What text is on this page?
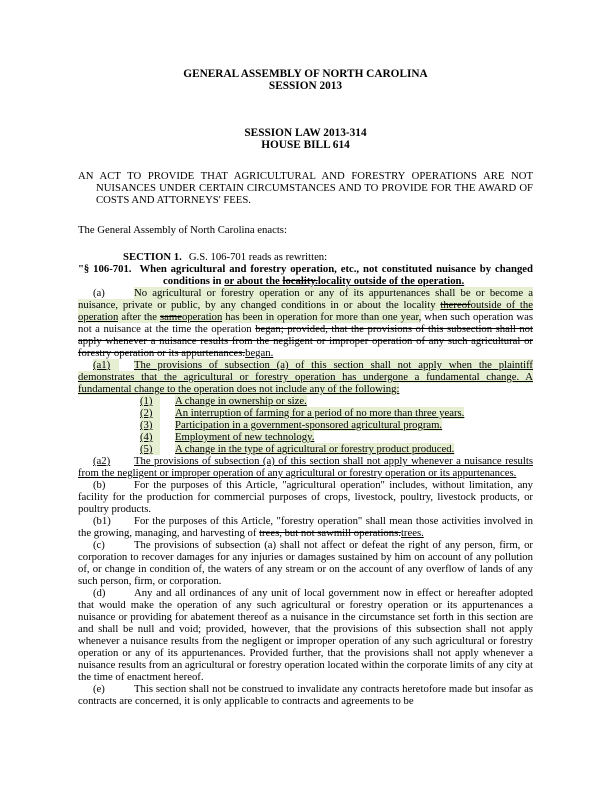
GENERAL ASSEMBLY OF NORTH CAROLINA

SESSION 2013

SESSION LAW 2013-314

HOUSE BILL 614

AN ACT TO PROVIDE THAT AGRICULTURAL AND FORESTRY OPERATIONS ARE NOT NUISANCES UNDER CERTAIN CIRCUMSTANCES AND TO PROVIDE FOR THE AWARD OF COSTS AND ATTORNEYS' FEES.

The General Assembly of North Carolina enacts:

SECTION 1. G.S. 106-701 reads as rewritten:

"§ 106-701. When agricultural and forestry operation, etc., not constituted nuisance by changed conditions in or about the locality.locality outside of the operation.

(a)	No agricultural or forestry operation or any of its appurtenances shall be or become a nuisance, private or public, by any changed conditions in or about the locality thereofoutside of the operation after the sameoperation has been in operation for more than one year, when such operation was not a nuisance at the time the operation began; provided, that the provisions of this subsection shall not apply whenever a nuisance results from the negligent or improper operation of any such agricultural or forestry operation or its appurtenances.began.

(a1) The provisions of subsection (a) of this section shall not apply when the plaintiff demonstrates that the agricultural or forestry operation has undergone a fundamental change. A fundamental change to the operation does not include any of the following:

(1) A change in ownership or size.

(2) An interruption of farming for a period of no more than three years.

(3) Participation in a government-sponsored agricultural program.

(4) Employment of new technology.

(5) A change in the type of agricultural or forestry product produced.

(a2) The provisions of subsection (a) of this section shall not apply whenever a nuisance results from the negligent or improper operation of any agricultural or forestry operation or its appurtenances.

(b)	For the purposes of this Article, "agricultural operation" includes, without limitation, any facility for the production for commercial purposes of crops, livestock, poultry, livestock products, or poultry products.

(b1) For the purposes of this Article, "forestry operation" shall mean those activities involved in the growing, managing, and harvesting of trees, but not sawmill operations.trees.

(c)	The provisions of subsection (a) shall not affect or defeat the right of any person, firm, or corporation to recover damages for any injuries or damages sustained by him on account of any pollution of, or change in condition of, the waters of any stream or on the account of any overflow of lands of any such person, firm, or corporation.

(d)	Any and all ordinances of any unit of local government now in effect or hereafter adopted that would make the operation of any such agricultural or forestry operation or its appurtenances a nuisance or providing for abatement thereof as a nuisance in the circumstance set forth in this section are and shall be null and void; provided, however, that the provisions of this subsection shall not apply whenever a nuisance results from the negligent or improper operation of any such agricultural or forestry operation or any of its appurtenances. Provided further, that the provisions shall not apply whenever a nuisance results from an agricultural or forestry operation located within the corporate limits of any city at the time of enactment hereof.

(e)	This section shall not be construed to invalidate any contracts heretofore made but insofar as contracts are concerned, it is only applicable to contracts and agreements to be
